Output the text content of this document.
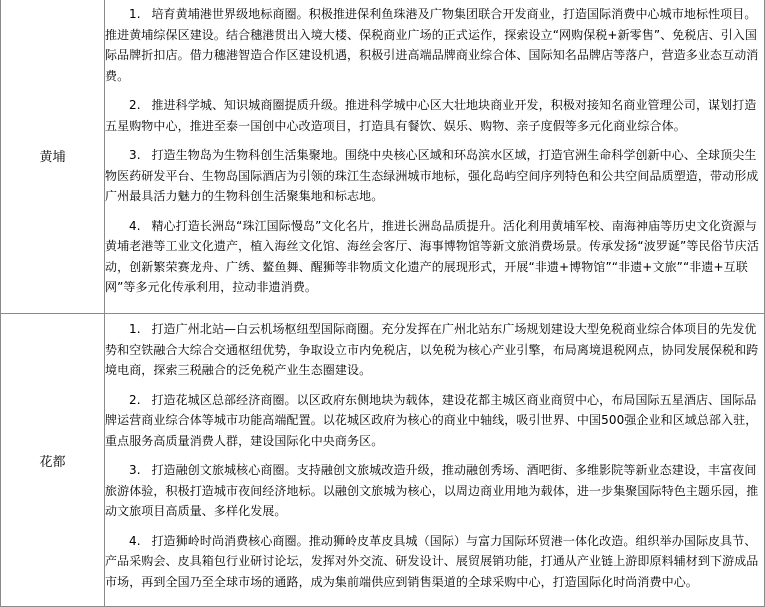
黄埔	1. 培育黄埔港世界级地标商圈。积极推进保利鱼珠港及广物集团联合开发商业，打造国际消费中心城市地标性项目。推进黄埔综保区建设。结合穗港贯出入境大楼、保税商业广场的正式运作，探索设立“网购保税+新零售”、免税店、引入国际品牌折扣店。借力穗港智造合作区建设机遇，积极引进高端品牌商业综合体、国际知名品牌店等落户，营造多业态互动消费。

2. 推进科学城、知识城商圈提质升级。推进科学城中心区大壮地块商业开发，积极对接知名商业管理公司，谋划打造五星购物中心，推进至泰一国创中心改造项目，打造具有餐饮、娱乐、购物、亲子度假等多元化商业综合体。

3. 打造生物岛为生物科创生活集聚地。围绕中央核心区域和环岛滨水区域，打造官洲生命科学创新中心、全球顶尖生物医药研发平台、生物岛国际酒店为引领的珠江生态绿洲城市地标，强化岛屿空间序列特色和公共空间品质塑造，带动形成广州最具活力魅力的生物科创生活聚集地和标志地。

4. 精心打造长洲岛“珠江国际慢岛”文化名片，推进长洲岛品质提升。活化利用黄埔军校、南海神庙等历史文化资源与黄埔老港等工业文化遗产，植入海丝文化馆、海丝会客厅、海事博物馆等新文旅消费场景。传承发扬“波罗诞”等民俗节庆活动，创新繁荣赛龙舟、广绣、鳌鱼舞、醒狮等非物质文化遗产的展现形式，开展“非遗+博物馆”“非遗+文旅”“非遗+互联网”等多元化传承利用，拉动非遗消费。

花都	1. 打造广州北站—白云机场枢纽型国际商圈。充分发挥在广州北站东广场规划建设大型免税商业综合体项目的先发优势和空铁融合大综合交通枢纽优势，争取设立市内免税店，以免税为核心产业引擎，布局离境退税网点，协同发展保税和跨境电商，探索三税融合的泛免税产业生态圈建设。

2. 打造花城区总部经济商圈。以区政府东侧地块为载体，建设花都主城区商业商贸中心，布局国际五星酒店、国际品牌运营商业综合体等城市功能高端配置。以花城区政府为核心的商业中轴线，吸引世界、中国500强企业和区域总部入驻，重点服务高质量消费人群，建设国际化中央商务区。

3. 打造融创文旅城核心商圈。支持融创文旅城改造升级，推动融创秀场、酒吧街、多维影院等新业态建设，丰富夜间旅游体验，积极打造城市夜间经济地标。以融创文旅城为核心，以周边商业用地为载体，进一步集聚国际特色主题乐园，推动文旅项目高质量、多样化发展。

4. 打造狮岭时尚消费核心商圈。推动狮岭皮革皮具城（国际）与富力国际环贸港一体化改造。组织举办国际皮具节、产品采购会、皮具箱包行业研讨论坛，发挥对外交流、研发设计、展贸展销功能，打通从产业链上游即原料辅材到下游成品市场，再到全国乃至全球市场的通路，成为集前端供应到销售渠道的全球采购中心，打造国际化时尚消费中心。
